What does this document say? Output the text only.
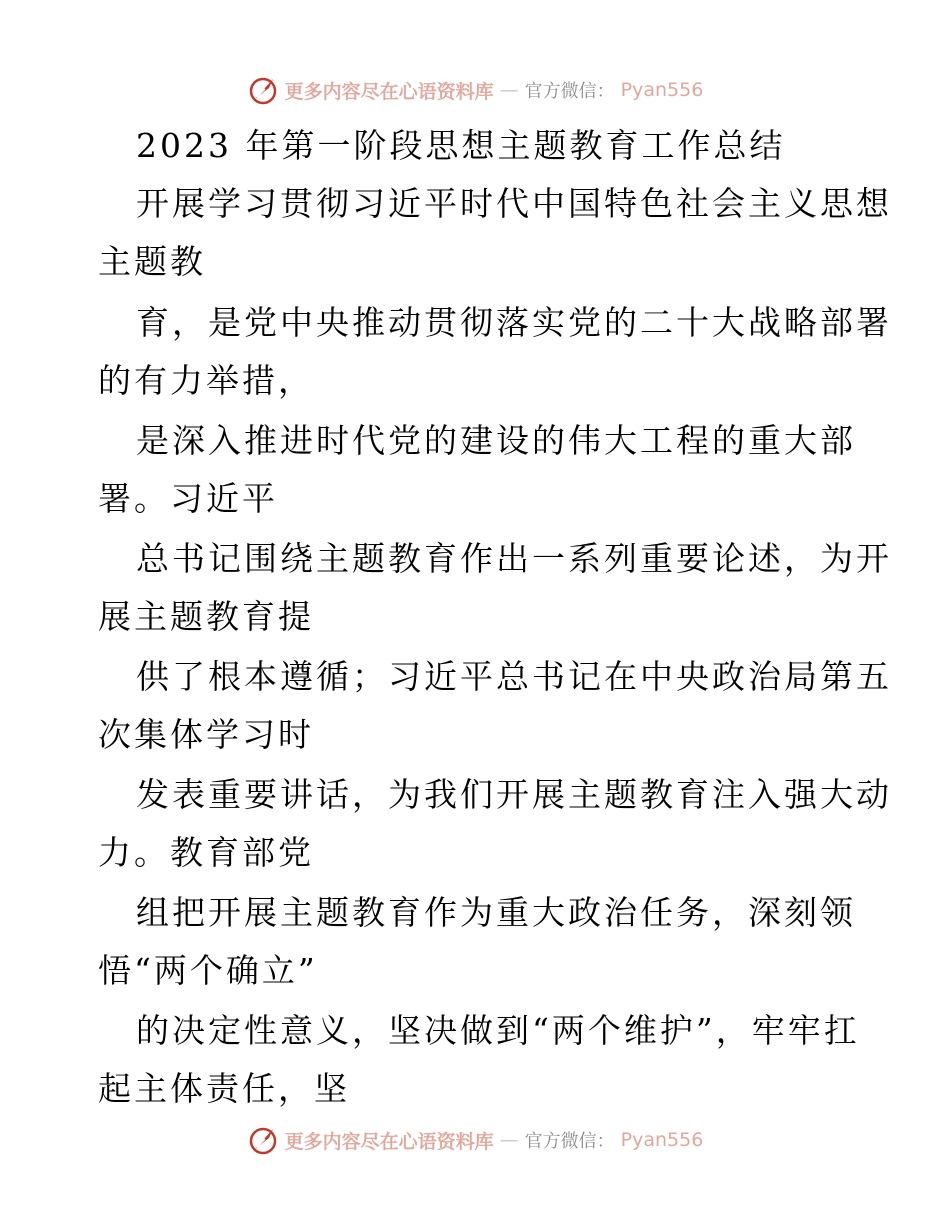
更多内容尽在心语资料库 — 官方微信： Pyan556
2023 年第一阶段思想主题教育工作总结
开展学习贯彻习近平时代中国特色社会主义思想
主题教
育，是党中央推动贯彻落实党的二十大战略部署
的有力举措，
是深入推进时代党的建设的伟大工程的重大部
署。习近平
总书记围绕主题教育作出一系列重要论述，为开
展主题教育提
供了根本遵循；习近平总书记在中央政治局第五
次集体学习时
发表重要讲话，为我们开展主题教育注入强大动
力。教育部党
组把开展主题教育作为重大政治任务，深刻领
悟“两个确立”
的决定性意义，坚决做到“两个维护”，牢牢扛
起主体责任，坚
更多内容尽在心语资料库 — 官方微信： Pyan556
